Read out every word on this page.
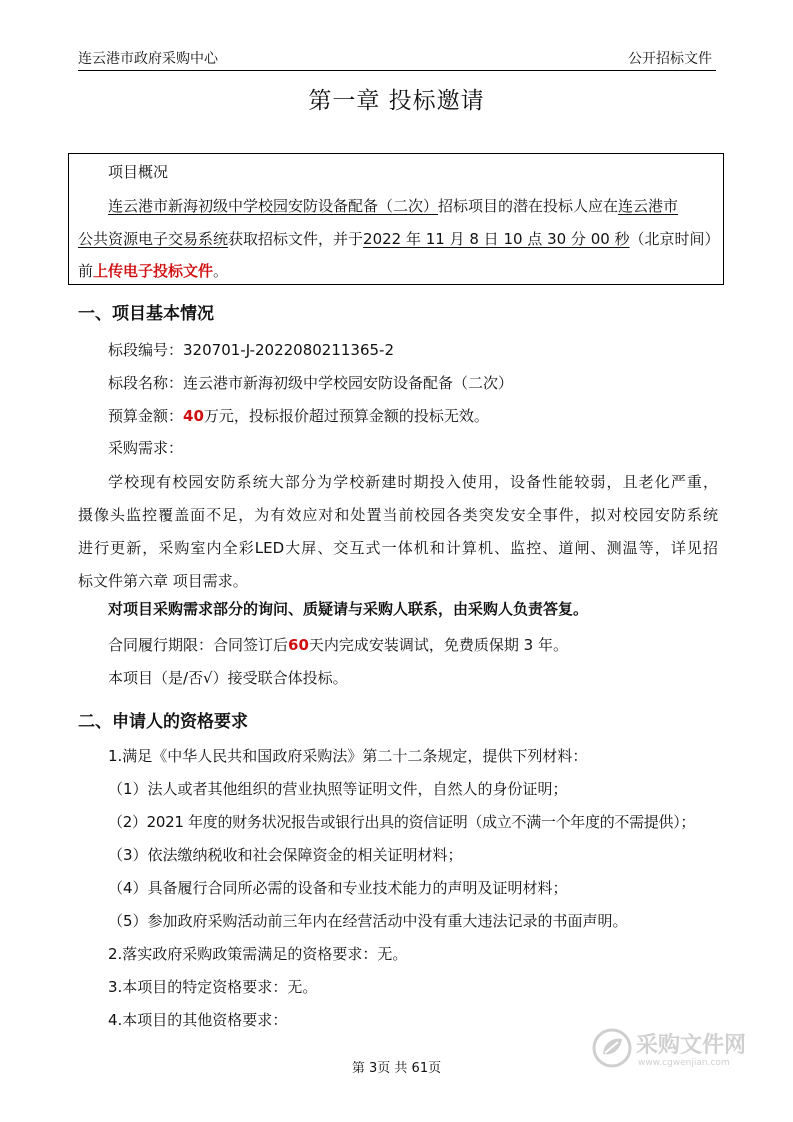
连云港市政府采购中心	公开招标文件
第一章 投标邀请
项目概况
连云港市新海初级中学校园安防设备配备（二次）招标项目的潜在投标人应在连云港市
公共资源电子交易系统获取招标文件，并于2022 年 11 月 8 日 10 点 30 分 00 秒（北京时间）
前上传电子投标文件。
一、项目基本情况
标段编号：320701-J-2022080211365-2
标段名称：连云港市新海初级中学校园安防设备配备（二次）
预算金额：40万元，投标报价超过预算金额的投标无效。
采购需求：
学校现有校园安防系统大部分为学校新建时期投入使用，设备性能较弱，且老化严重，
摄像头监控覆盖面不足，为有效应对和处置当前校园各类突发安全事件，拟对校园安防系统
进行更新，采购室内全彩LED大屏、交互式一体机和计算机、监控、道闸、测温等，详见招
标文件第六章 项目需求。
对项目采购需求部分的询问、质疑请与采购人联系，由采购人负责答复。
合同履行期限：合同签订后60天内完成安装调试，免费质保期 3 年。
本项目（是/否√）接受联合体投标。
二、申请人的资格要求
1.满足《中华人民共和国政府采购法》第二十二条规定，提供下列材料：
（1）法人或者其他组织的营业执照等证明文件，自然人的身份证明；
（2）2021 年度的财务状况报告或银行出具的资信证明（成立不满一个年度的不需提供）；
（3）依法缴纳税收和社会保障资金的相关证明材料；
（4）具备履行合同所必需的设备和专业技术能力的声明及证明材料；
（5）参加政府采购活动前三年内在经营活动中没有重大违法记录的书面声明。
2.落实政府采购政策需满足的资格要求：无。
3.本项目的特定资格要求：无。
4.本项目的其他资格要求：
第 3页 共 61页
采购文件网
www.cgwenjian.com
